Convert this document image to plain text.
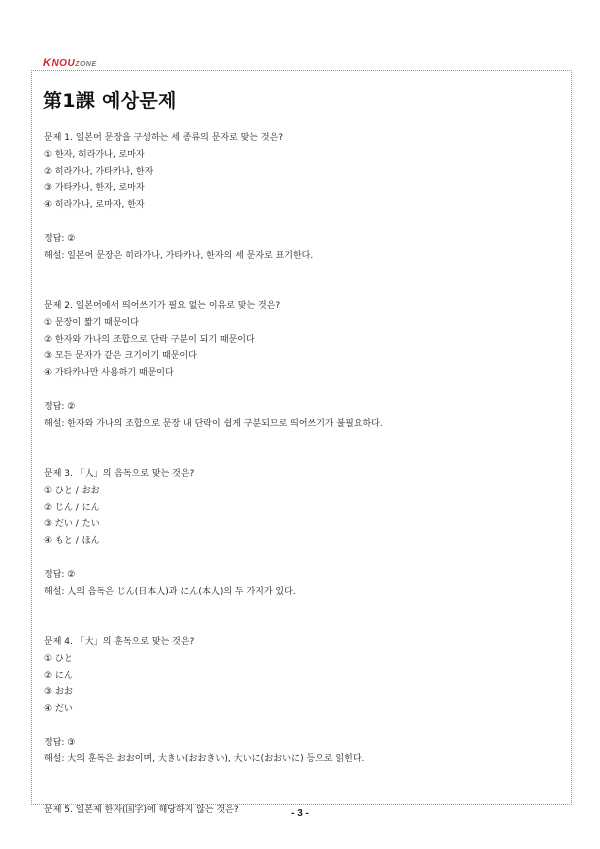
KNOUZONE
第1課 예상문제
문제 1. 일본어 문장을 구성하는 세 종류의 문자로 맞는 것은?
① 한자, 히라가나, 로마자
② 히라가나, 가타카나, 한자
③ 가타카나, 한자, 로마자
④ 히라가나, 로마자, 한자
정답: ②
해설: 일본어 문장은 히라가나, 가타카나, 한자의 세 문자로 표기한다.
문제 2. 일본어에서 띄어쓰기가 필요 없는 이유로 맞는 것은?
① 문장이 짧기 때문이다
② 한자와 가나의 조합으로 단락 구분이 되기 때문이다
③ 모든 문자가 같은 크기이기 때문이다
④ 가타카나만 사용하기 때문이다
정답: ②
해설: 한자와 가나의 조합으로 문장 내 단락이 쉽게 구분되므로 띄어쓰기가 불필요하다.
문제 3. 「人」의 음독으로 맞는 것은?
① ひと / おお
② じん / にん
③ だい / たい
④ もと / ほん
정답: ②
해설: 人의 음독은 じん(日本人)과 にん(本人)의 두 가지가 있다.
문제 4. 「大」의 훈독으로 맞는 것은?
① ひと
② にん
③ おお
④ だい
정답: ③
해설: 大의 훈독은 おお이며, 大きい(おおきい), 大いに(おおいに) 등으로 읽힌다.
문제 5. 일본제 한자(国字)에 해당하지 않는 것은?	- 3 -
